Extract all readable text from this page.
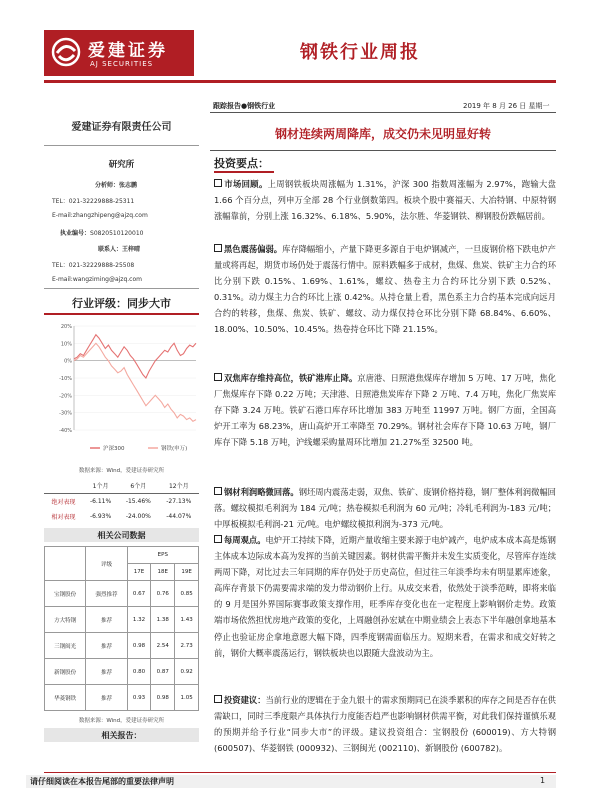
爱建证券
AJ SECURITIES
钢铁行业周报
爱建证券有限责任公司
研究所
分析师：张志鹏
TEL：021-32229888-25311
E-mail:zhangzhipeng@ajzq.com
执业编号：S0820510120010
联系人：王梓晴
TEL：021-32229888-25508
E-mail:wangziming@ajzq.com
行业评级：同步大市
20%
10%
0%
-10%
-20%
-30%
-40%
沪深300	钢铁(申万)
数据来源：Wind，爱建证券研究所
	1个月	6个月	12个月
绝对表现	-6.11%	-15.46%	-27.13%
相对表现	-6.93%	-24.00%	-44.07%
相关公司数据
	评级	EPS		
		17E	18E	19E
宝钢股份	强烈推荐	0.67	0.76	0.85
方大特钢	推荐	1.32	1.38	1.43
三钢闽光	推荐	0.98	2.54	2.73
新钢股份	推荐	0.80	0.87	0.92
华菱钢铁	推荐	0.93	0.98	1.05
数据来源：Wind，爱建证券研究所
相关报告：
跟踪报告●钢铁行业	2019 年 8 月 26 日 星期一
钢材连续两周降库，成交仍未见明显好转
投资要点：
市场回顾。上周钢铁板块周涨幅为 1.31%，沪深 300 指数周涨幅为 2.97%，跑输大盘 1.66 个百分点，列申万全部 28 个行业倒数第四。板块个股中赛福天、大冶特钢、中原特钢涨幅靠前，分别上涨 16.32%、6.18%、5.90%，法尔胜、华菱钢铁、柳钢股份跌幅居前。
黑色震荡偏弱。库存降幅缩小，产量下降更多源自于电炉钢减产，一旦废钢价格下跌电炉产量或将再起，期货市场仍处于震荡行情中。原料跌幅多于成材，焦煤、焦炭、铁矿主力合约环比分别下跌 0.15%、1.69%、1.61%，螺纹、热卷主力合约环比分别下跌 0.52%、0.31%。动力煤主力合约环比上涨 0.42%。从持仓量上看，黑色系主力合约基本完成向远月合约的转移，焦煤、焦炭、铁矿、螺纹、动力煤仅持仓环比分别下降 68.84%、6.60%、18.00%、10.50%、10.45%。热卷持仓环比下降 21.15%。
双焦库存维持高位，铁矿港库止降。京唐港、日照港焦煤库存增加 5 万吨、17 万吨，焦化厂焦煤库存下降 0.22 万吨；天津港、日照港焦炭库存下降 2 万吨、7.4 万吨，焦化厂焦炭库存下降 3.24 万吨。铁矿石港口库存环比增加 383 万吨至 11997 万吨。钢厂方面，全国高炉开工率为 68.23%，唐山高炉开工率降至 70.29%。钢材社会库存下降 10.63 万吨，钢厂库存下降 5.18 万吨，沪线螺采购量周环比增加 21.27%至 32500 吨。
钢材利润略微回落。钢坯周内震荡走弱，双焦、铁矿、废钢价格持稳，钢厂整体利润微幅回落。螺纹模拟毛利润为 184 元/吨；热卷模拟毛利润为 60 元/吨；冷轧毛利润为-183 元/吨；中厚板模拟毛利润-21 元/吨。电炉螺纹模拟利润为-373 元/吨。
每周观点。电炉开工持续下降，近期产量收缩主要来源于电炉减产，电炉成本成本高是炼钢主体成本边际成本高为发挥的当前关键因素。钢材供需平衡并未发生实质变化，尽管库存连续两周下降，对比过去三年同期的库存仍处于历史高位，但过往三年淡季均未有明显累库迹象，高库存背景下仍需要需求端的发力带动钢价上行。从成交来看，依然处于淡季范畴，即将来临的 9 月是国外界国际赛事政策支撑作用，旺季库存变化也在一定程度上影响钢价走势。政策端市场依然担忧房地产政策的变化，上周融创孙宏斌在中期业绩会上表态下半年融创拿地基本停止也验证房企拿地意愿大幅下降，四季度钢需面临压力。短期来看，在需求和成交好转之前，钢价大概率震荡运行，钢铁板块也以跟随大盘波动为主。
投资建议：当前行业的逻辑在于金九银十的需求预期同已在淡季累积的库存之间是否存在供需缺口，同时三季度限产具体执行力度能否趋严也影响钢材供需平衡，对此我们保持谨慎乐观的预期并给予行业“同步大市”的评级。建议投资组合：宝钢股份 (600019)、方大特钢 (600507)、华菱钢铁 (000932)、三钢闽光 (002110)、新钢股份 (600782)。
请仔细阅读在本报告尾部的重要法律声明	1
